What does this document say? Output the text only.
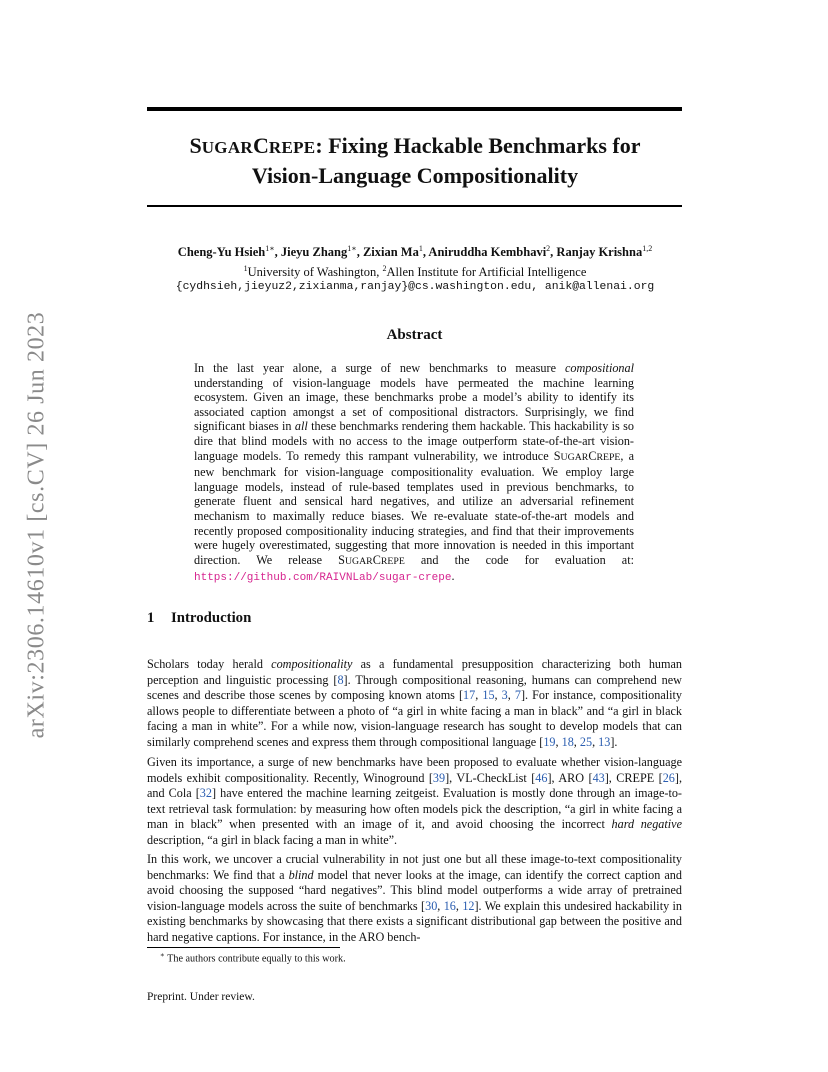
arXiv:2306.14610v1 [cs.CV] 26 Jun 2023
SUGARCREPE: Fixing Hackable Benchmarks for
Vision-Language Compositionality
Cheng-Yu Hsieh$^{1∗}$, Jieyu Zhang$^{1∗}$, Zixian Ma$^1$, Aniruddha Kembhavi$^2$, Ranjay Krishna$^{1,2}$
$^1$University of Washington, $^2$Allen Institute for Artificial Intelligence
{cydhsieh,jieyuz2,zixianma,ranjay}@cs.washington.edu, anik@allenai.org
Abstract
In the last year alone, a surge of new benchmarks to measure compositional understanding of vision-language models have permeated the machine learning ecosystem. Given an image, these benchmarks probe a model’s ability to identify its associated caption amongst a set of compositional distractors. Surprisingly, we find significant biases in all these benchmarks rendering them hackable. This hackability is so dire that blind models with no access to the image outperform state-of-the-art vision-language models. To remedy this rampant vulnerability, we introduce SUGARCREPE, a new benchmark for vision-language compositionality evaluation. We employ large language models, instead of rule-based templates used in previous benchmarks, to generate fluent and sensical hard negatives, and utilize an adversarial refinement mechanism to maximally reduce biases. We re-evaluate state-of-the-art models and recently proposed compositionality inducing strategies, and find that their improvements were hugely overestimated, suggesting that more innovation is needed in this important direction. We release SUGARCREPE and the code for evaluation at: https://github.com/RAIVNLab/sugar-crepe.
1 Introduction
Scholars today herald compositionality as a fundamental presupposition characterizing both human perception and linguistic processing [8]. Through compositional reasoning, humans can comprehend new scenes and describe those scenes by composing known atoms [17, 15, 3, 7]. For instance, compositionality allows people to differentiate between a photo of “a girl in white facing a man in black” and “a girl in black facing a man in white”. For a while now, vision-language research has sought to develop models that can similarly comprehend scenes and express them through compositional language [19, 18, 25, 13].
Given its importance, a surge of new benchmarks have been proposed to evaluate whether vision-language models exhibit compositionality. Recently, Winoground [39], VL-CheckList [46], ARO [43], CREPE [26], and Cola [32] have entered the machine learning zeitgeist. Evaluation is mostly done through an image-to-text retrieval task formulation: by measuring how often models pick the description, “a girl in white facing a man in black” when presented with an image of it, and avoid choosing the incorrect hard negative description, “a girl in black facing a man in white”.
In this work, we uncover a crucial vulnerability in not just one but all these image-to-text compositionality benchmarks: We find that a blind model that never looks at the image, can identify the correct caption and avoid choosing the supposed “hard negatives”. This blind model outperforms a wide array of pretrained vision-language models across the suite of benchmarks [30, 16, 12]. We explain this undesired hackability in existing benchmarks by showcasing that there exists a significant distributional gap between the positive and hard negative captions. For instance, in the ARO bench-
∗ The authors contribute equally to this work.
Preprint. Under review.
